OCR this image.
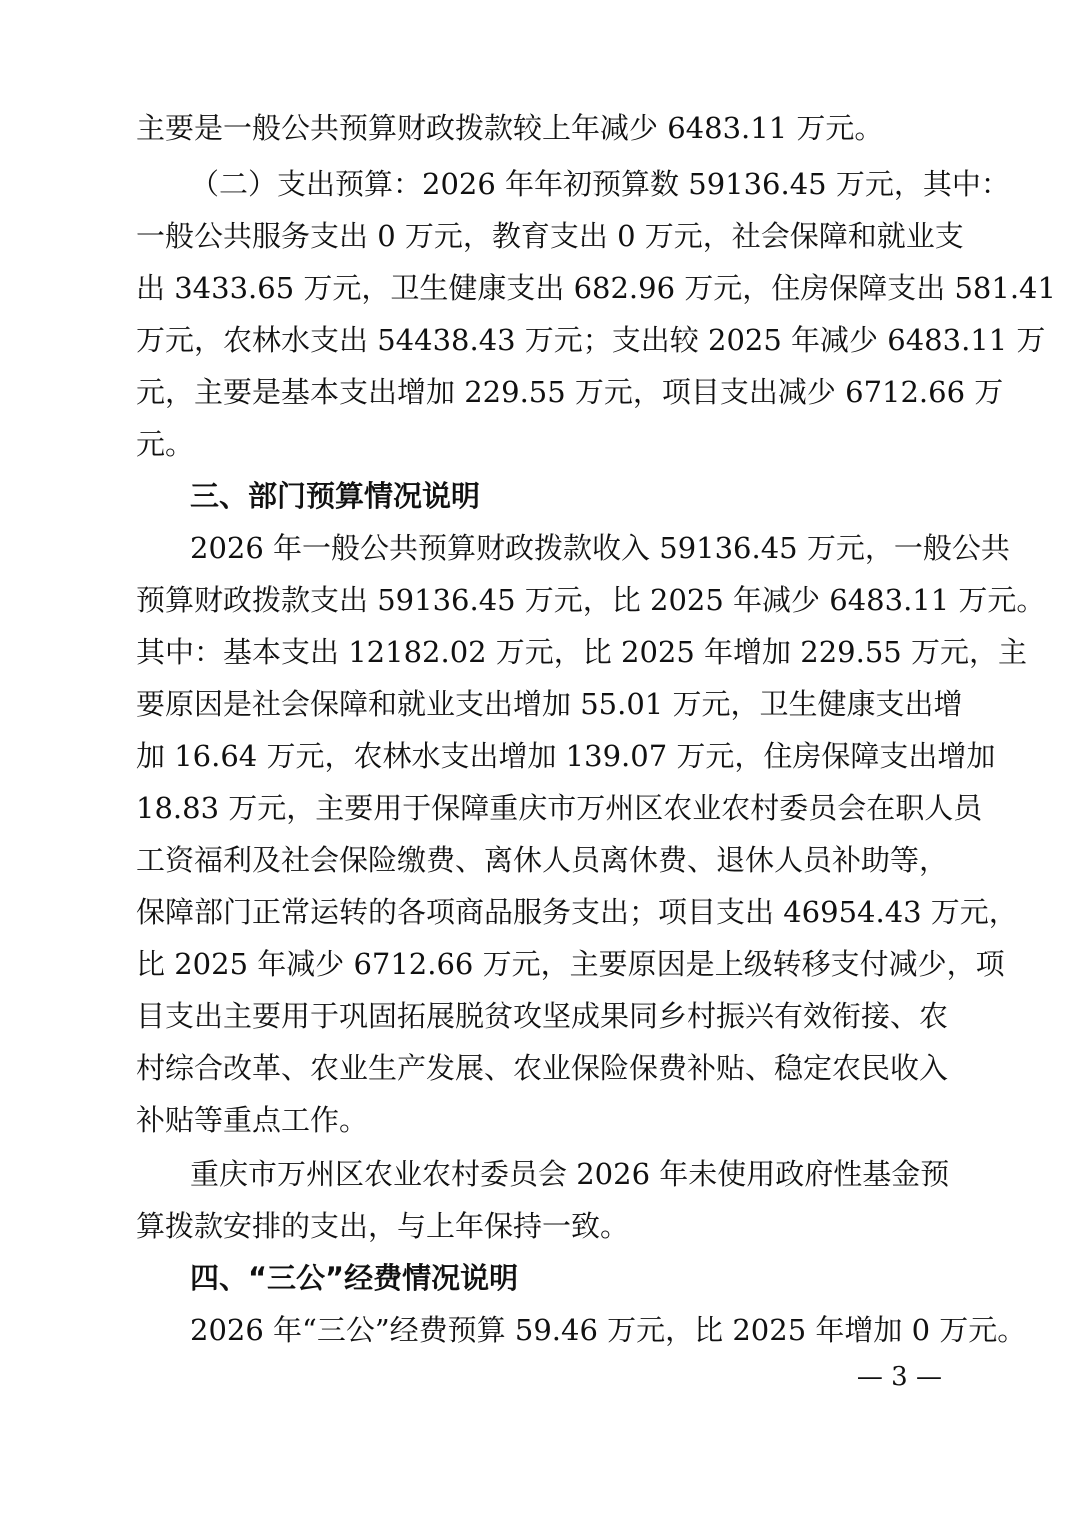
主要是一般公共预算财政拨款较上年减少 6483.11 万元。
（二）支出预算：2026 年年初预算数 59136.45 万元，其中：
一般公共服务支出 0 万元，教育支出 0 万元，社会保障和就业支
出 3433.65 万元，卫生健康支出 682.96 万元，住房保障支出 581.41
万元，农林水支出 54438.43 万元；支出较 2025 年减少 6483.11 万
元，主要是基本支出增加 229.55 万元，项目支出减少 6712.66 万
元。
三、部门预算情况说明
2026 年一般公共预算财政拨款收入 59136.45 万元，一般公共
预算财政拨款支出 59136.45 万元，比 2025 年减少 6483.11 万元。
其中：基本支出 12182.02 万元，比 2025 年增加 229.55 万元，主
要原因是社会保障和就业支出增加 55.01 万元，卫生健康支出增
加 16.64 万元，农林水支出增加 139.07 万元，住房保障支出增加
18.83 万元，主要用于保障重庆市万州区农业农村委员会在职人员
工资福利及社会保险缴费、离休人员离休费、退休人员补助等，
保障部门正常运转的各项商品服务支出；项目支出 46954.43 万元，
比 2025 年减少 6712.66 万元，主要原因是上级转移支付减少，项
目支出主要用于巩固拓展脱贫攻坚成果同乡村振兴有效衔接、农
村综合改革、农业生产发展、农业保险保费补贴、稳定农民收入
补贴等重点工作。
重庆市万州区农业农村委员会 2026 年未使用政府性基金预
算拨款安排的支出，与上年保持一致。
四、“三公”经费情况说明
2026 年“三公”经费预算 59.46 万元，比 2025 年增加 0 万元。
— 3 —
